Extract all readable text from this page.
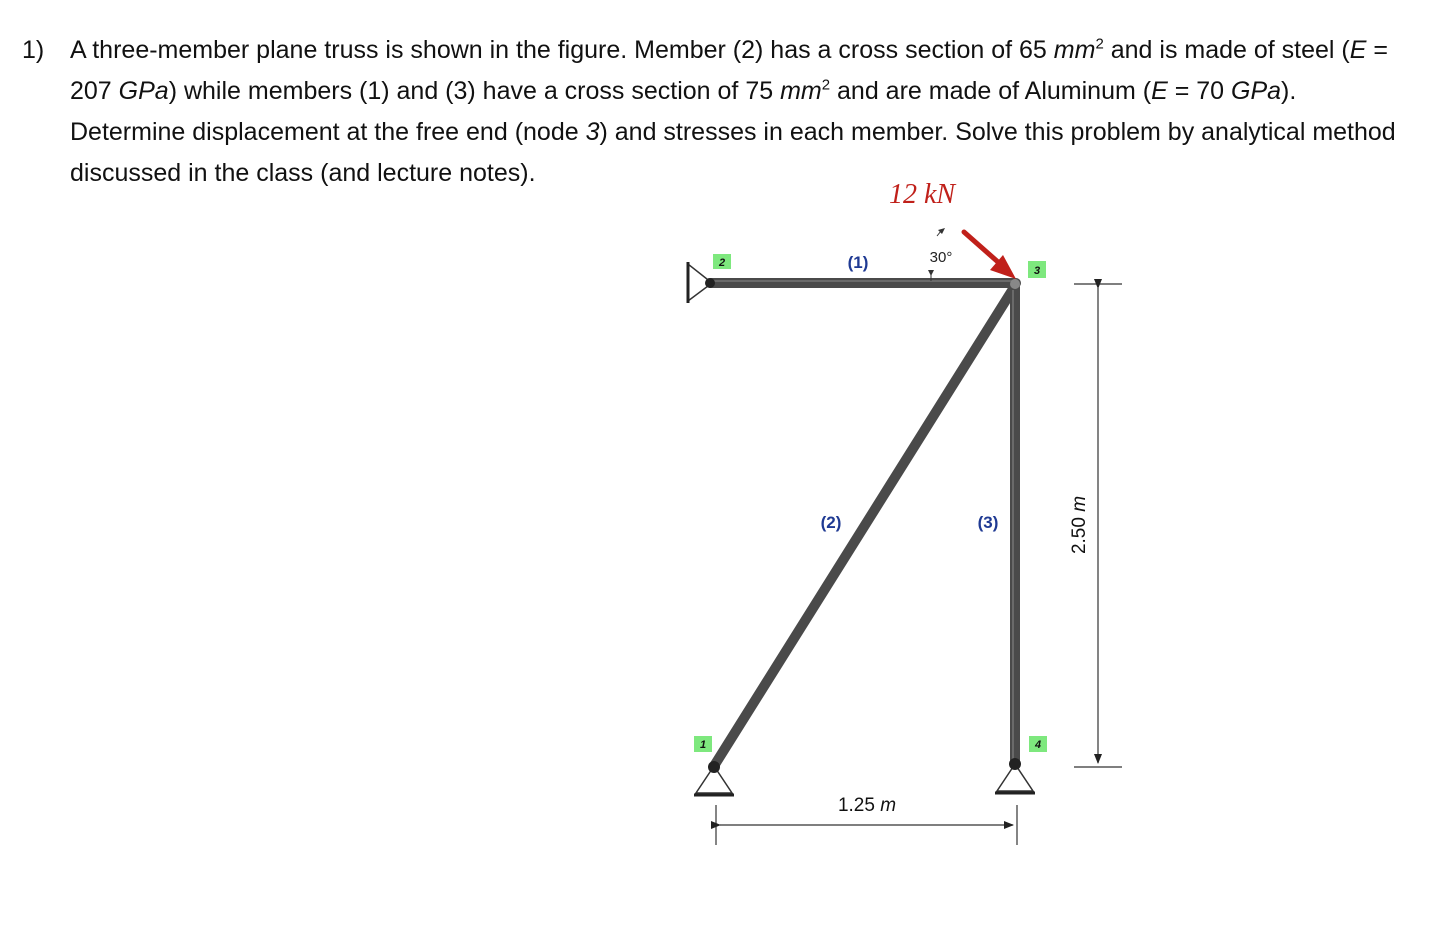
1) A three-member plane truss is shown in the figure. Member (2) has a cross section of 65 $mm^2$ and is made of steel (E = 207 GPa) while members (1) and (3) have a cross section of 75 $mm^2$ and are made of Aluminum (E = 70 GPa). Determine displacement at the free end (node 3) and stresses in each member. Solve this problem by analytical method discussed in the class (and lecture notes).
2
3
1	4
(1)
(2)	(3)
12 kN
30°
1.25 m
2.50 m
